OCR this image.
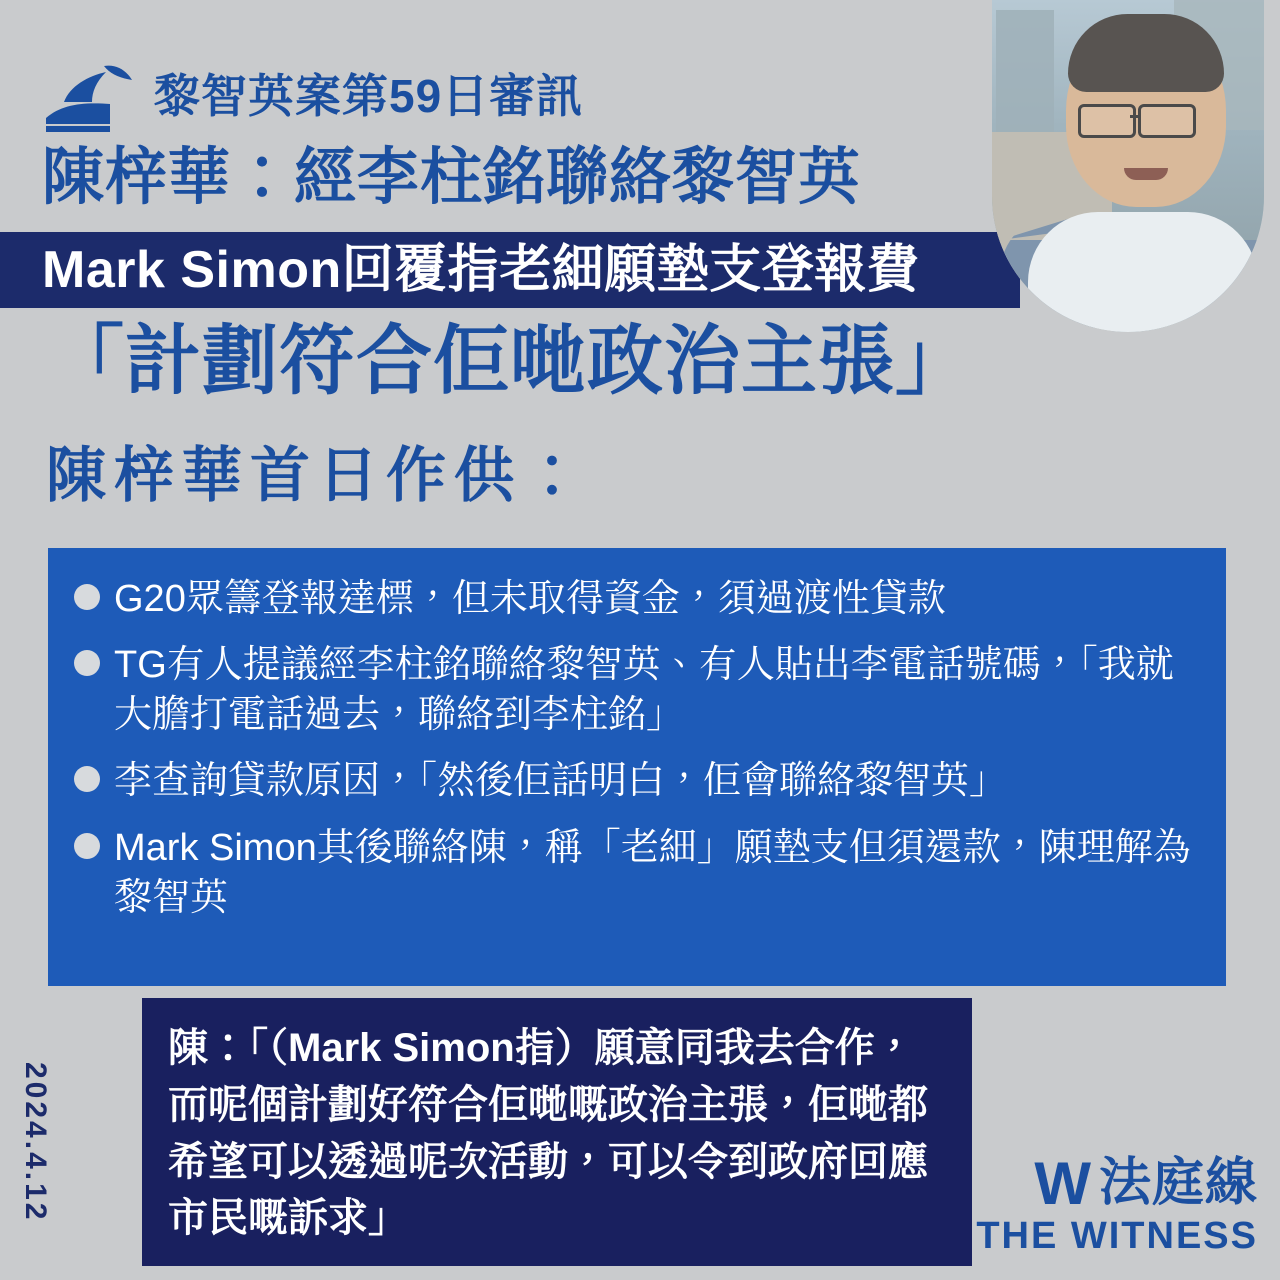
黎智英案第59日審訊
陳梓華：經李柱銘聯絡黎智英
Mark Simon回覆指老細願墊支登報費
「計劃符合佢哋政治主張」
陳梓華首日作供：
G20眾籌登報達標，但未取得資金，須過渡性貸款
TG有人提議經李柱銘聯絡黎智英、有人貼出李電話號碼，「我就大膽打電話過去，聯絡到李柱銘」
李查詢貸款原因，「然後佢話明白，佢會聯絡黎智英」
Mark Simon其後聯絡陳，稱「老細」願墊支但須還款，陳理解為黎智英
陳：「（Mark Simon指）願意同我去合作，而呢個計劃好符合佢哋嘅政治主張，佢哋都希望可以透過呢次活動，可以令到政府回應市民嘅訴求」
2024.4.12	W 法庭線
THE WITNESS
